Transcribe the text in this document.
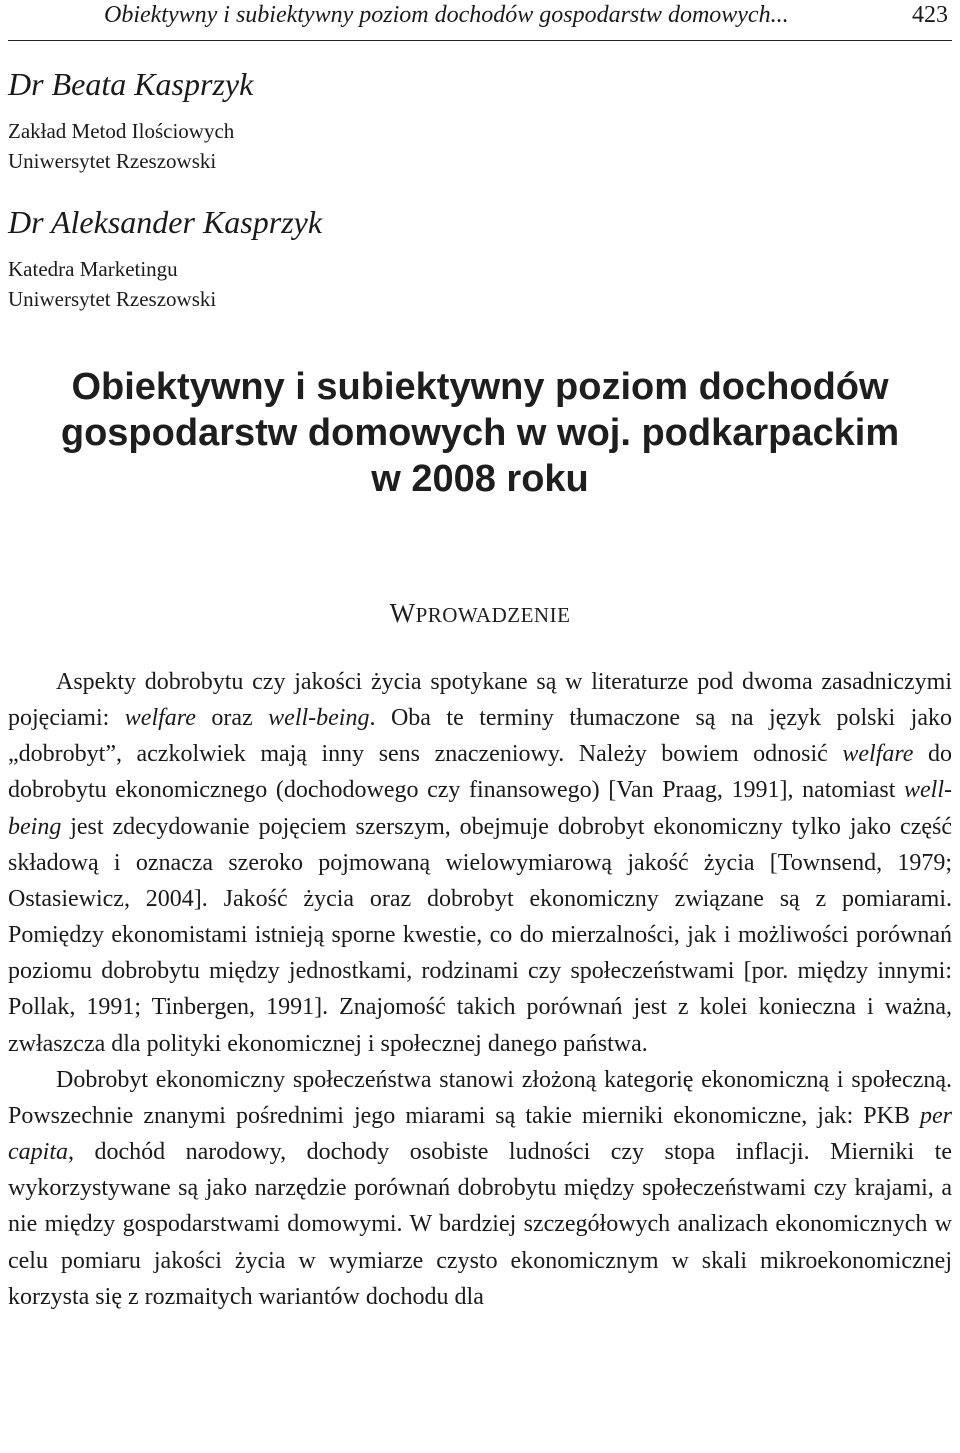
Obiektywny i subiektywny poziom dochodów gospodarstw domowych...	423
Dr Beata Kasprzyk
Zakład Metod Ilościowych
Uniwersytet Rzeszowski
Dr Aleksander Kasprzyk
Katedra Marketingu
Uniwersytet Rzeszowski
Obiektywny i subiektywny poziom dochodów
gospodarstw domowych w woj. podkarpackim
w 2008 roku
WPROWADZENIE

Aspekty dobrobytu czy jakości życia spotykane są w literaturze pod dwoma zasadniczymi pojęciami: welfare oraz well-being. Oba te terminy tłumaczone są na język polski jako „dobrobyt”, aczkolwiek mają inny sens znaczeniowy. Należy bowiem odnosić welfare do dobrobytu ekonomicznego (dochodowego czy finansowego) [Van Praag, 1991], natomiast well-being jest zdecydowanie pojęciem szerszym, obejmuje dobrobyt ekonomiczny tylko jako część składową i oznacza szeroko pojmowaną wielowymiarową jakość życia [Townsend, 1979; Ostasiewicz, 2004]. Jakość życia oraz dobrobyt ekonomiczny związane są z pomiarami. Pomiędzy ekonomistami istnieją sporne kwestie, co do mierzalności, jak i możliwości porównań poziomu dobrobytu między jednostkami, rodzinami czy społeczeństwami [por. między innymi: Pollak, 1991; Tinbergen, 1991]. Znajomość takich porównań jest z kolei konieczna i ważna, zwłaszcza dla polityki ekonomicznej i społecznej danego państwa.

Dobrobyt ekonomiczny społeczeństwa stanowi złożoną kategorię ekonomiczną i społeczną. Powszechnie znanymi pośrednimi jego miarami są takie mierniki ekonomiczne, jak: PKB per capita, dochód narodowy, dochody osobiste ludności czy stopa inflacji. Mierniki te wykorzystywane są jako narzędzie porównań dobrobytu między społeczeństwami czy krajami, a nie między gospodarstwami domowymi. W bardziej szczegółowych analizach ekonomicznych w celu pomiaru jakości życia w wymiarze czysto ekonomicznym w skali mikroekonomicznej korzysta się z rozmaitych wariantów dochodu dla
